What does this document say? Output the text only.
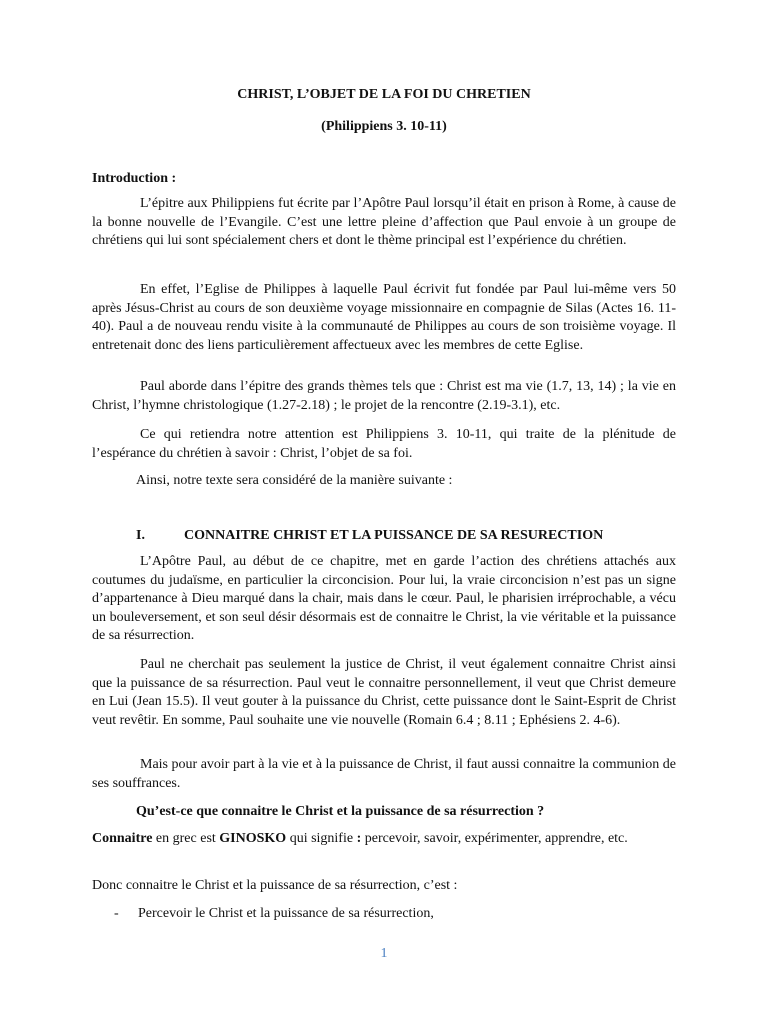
CHRIST, L’OBJET DE LA FOI DU CHRETIEN
(Philippiens 3. 10-11)
Introduction :
L’épitre aux Philippiens fut écrite par l’Apôtre Paul lorsqu’il était en prison à Rome, à cause de la bonne nouvelle de l’Evangile. C’est une lettre pleine d’affection que Paul envoie à un groupe de chrétiens qui lui sont spécialement chers et dont le thème principal est l’expérience du chrétien.
En effet, l’Eglise de Philippes à laquelle Paul écrivit fut fondée par Paul lui-même vers 50 après Jésus-Christ au cours de son deuxième voyage missionnaire en compagnie de Silas (Actes 16. 11-40). Paul a de nouveau rendu visite à la communauté de Philippes au cours de son troisième voyage. Il entretenait donc des liens particulièrement affectueux avec les membres de cette Eglise.
Paul aborde dans l’épitre des grands thèmes tels que : Christ est ma vie (1.7, 13, 14) ; la vie en Christ, l’hymne christologique (1.27-2.18) ; le projet de la rencontre (2.19-3.1), etc.
Ce qui retiendra notre attention est Philippiens 3. 10-11, qui traite de la plénitude de l’espérance du chrétien à savoir : Christ, l’objet de sa foi.
Ainsi, notre texte sera considéré de la manière suivante :
I.	CONNAITRE CHRIST ET LA PUISSANCE DE SA RESURECTION
L’Apôtre Paul, au début de ce chapitre, met en garde l’action des chrétiens attachés aux coutumes du judaïsme, en particulier la circoncision. Pour lui, la vraie circoncision n’est pas un signe d’appartenance à Dieu marqué dans la chair, mais dans le cœur. Paul, le pharisien irréprochable, a vécu un bouleversement, et son seul désir désormais est de connaitre le Christ, la vie véritable et la puissance de sa résurrection.
Paul ne cherchait pas seulement la justice de Christ, il veut également connaitre Christ ainsi que la puissance de sa résurrection. Paul veut le connaitre personnellement, il veut que Christ demeure en Lui (Jean 15.5). Il veut gouter à la puissance du Christ, cette puissance dont le Saint-Esprit de Christ veut revêtir. En somme, Paul souhaite une vie nouvelle (Romain 6.4 ; 8.11 ; Ephésiens 2. 4-6).
Mais pour avoir part à la vie et à la puissance de Christ, il faut aussi connaitre la communion de ses souffrances.
Qu’est-ce que connaitre le Christ et la puissance de sa résurrection ?
Connaitre en grec est GINOSKO qui signifie : percevoir, savoir, expérimenter, apprendre, etc.
Donc connaitre le Christ et la puissance de sa résurrection, c’est :
- Percevoir le Christ et la puissance de sa résurrection,
1
